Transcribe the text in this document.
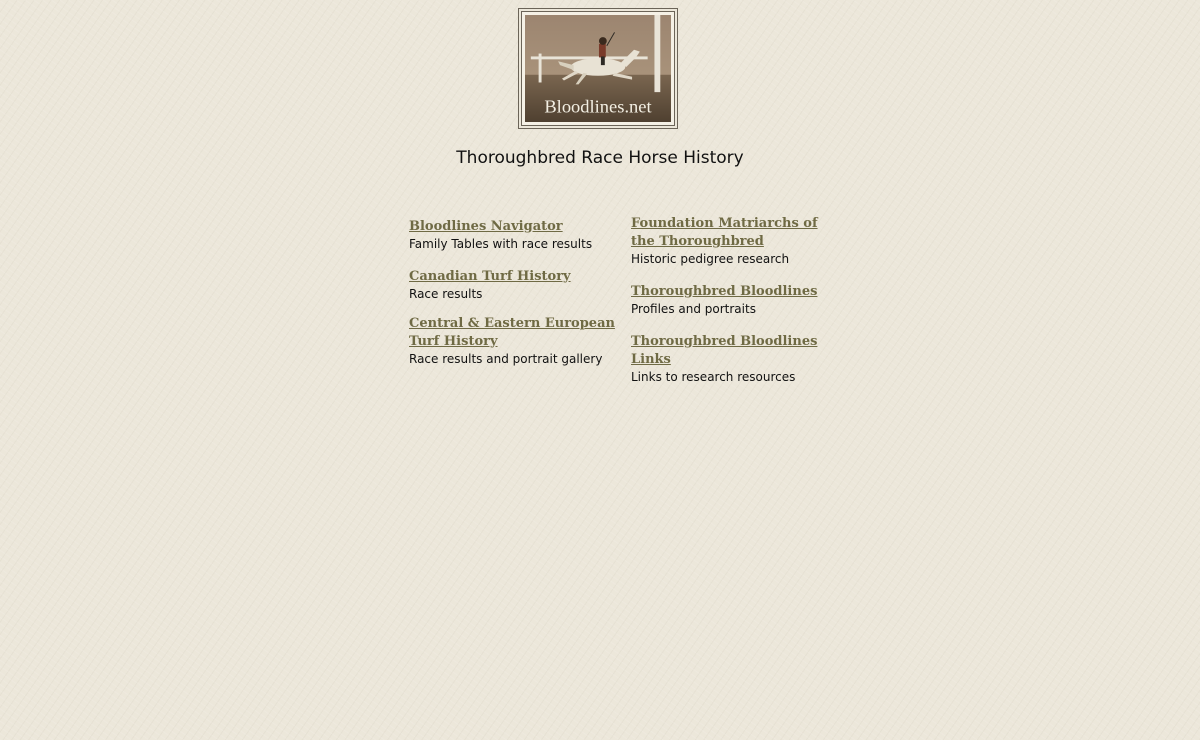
Bloodlines.net
Thoroughbred Race Horse History
Bloodlines Navigator
Family Tables with race results
Canadian Turf History
Race results
Central & Eastern European Turf History
Race results and portrait gallery
Foundation Matriarchs of the Thoroughbred
Historic pedigree research
Thoroughbred Bloodlines
Profiles and portraits
Thoroughbred Bloodlines Links
Links to research resources
